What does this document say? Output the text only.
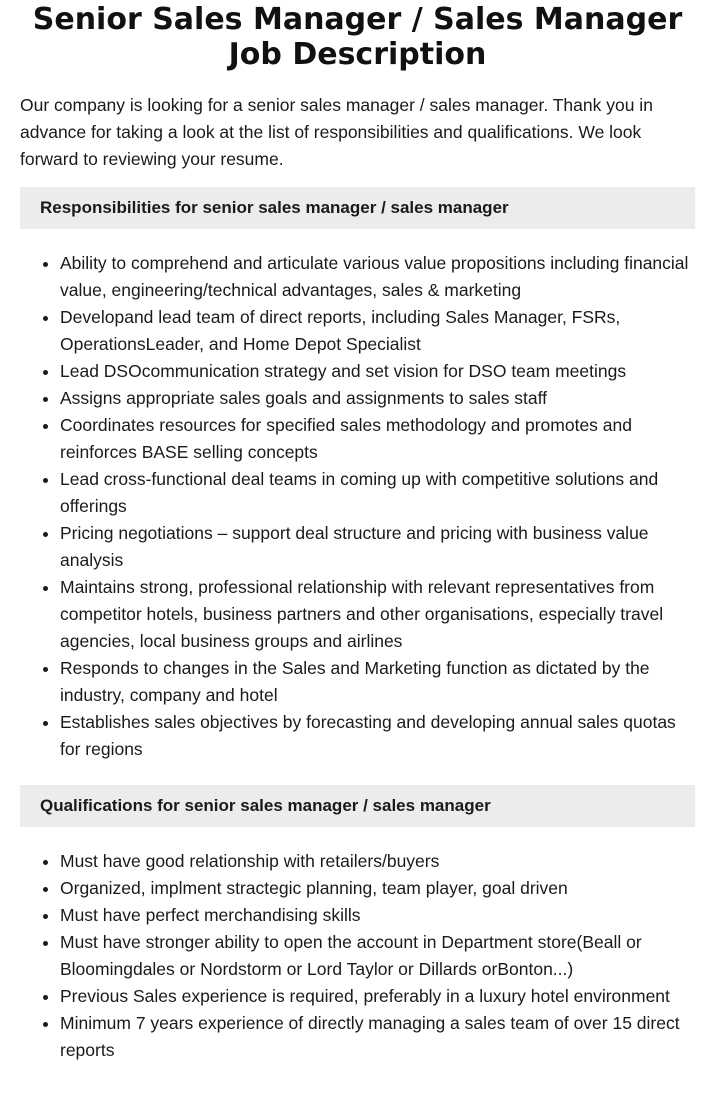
Senior Sales Manager / Sales Manager Job Description

Our company is looking for a senior sales manager / sales manager. Thank you in advance for taking a look at the list of responsibilities and qualifications. We look forward to reviewing your resume.

Responsibilities for senior sales manager / sales manager
• Ability to comprehend and articulate various value propositions including financial value, engineering/technical advantages, sales & marketing
• Developand lead team of direct reports, including Sales Manager, FSRs, OperationsLeader, and Home Depot Specialist
• Lead DSOcommunication strategy and set vision for DSO team meetings
• Assigns appropriate sales goals and assignments to sales staff
• Coordinates resources for specified sales methodology and promotes and reinforces BASE selling concepts
• Lead cross-functional deal teams in coming up with competitive solutions and offerings
• Pricing negotiations – support deal structure and pricing with business value analysis
• Maintains strong, professional relationship with relevant representatives from competitor hotels, business partners and other organisations, especially travel agencies, local business groups and airlines
• Responds to changes in the Sales and Marketing function as dictated by the industry, company and hotel
• Establishes sales objectives by forecasting and developing annual sales quotas for regions
Qualifications for senior sales manager / sales manager
• Must have good relationship with retailers/buyers
• Organized, implment stractegic planning, team player, goal driven
• Must have perfect merchandising skills
• Must have stronger ability to open the account in Department store(Beall or Bloomingdales or Nordstorm or Lord Taylor or Dillards orBonton...)
• Previous Sales experience is required, preferably in a luxury hotel environment
• Minimum 7 years experience of directly managing a sales team of over 15 direct reports
